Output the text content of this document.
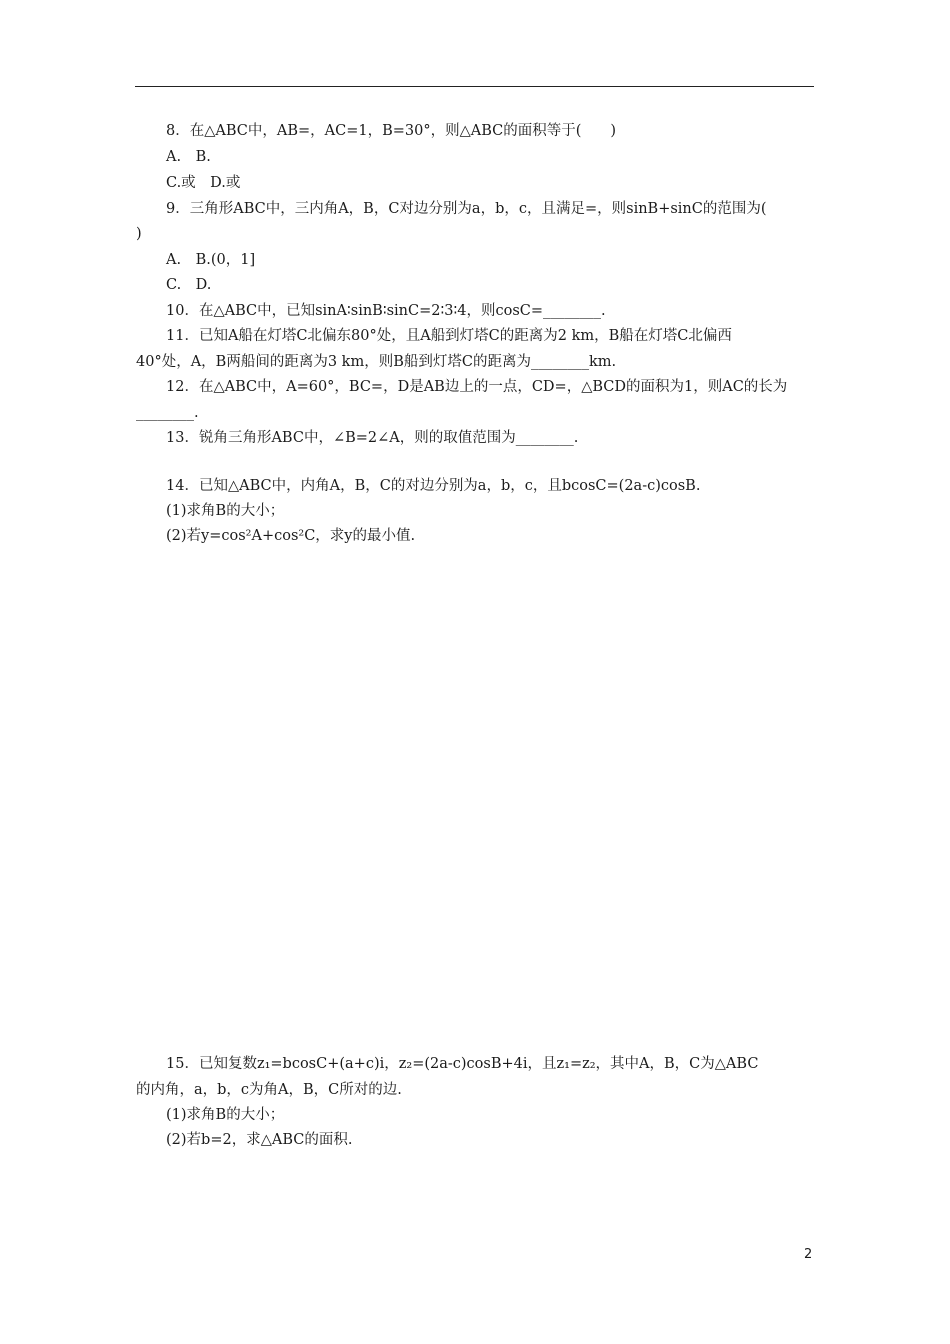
8．在△ABC中，AB=，AC=1，B=30°，则△ABC的面积等于(　　)
A.　B.
C.或　D.或
9．三角形ABC中，三内角A，B，C对边分别为a，b，c，且满足=，则sinB+sinC的范围为(
)
A.　B.(0，1]
C.　D.
10．在△ABC中，已知sinA∶sinB∶sinC=2∶3∶4，则cosC=________.
11．已知A船在灯塔C北偏东80°处，且A船到灯塔C的距离为2 km，B船在灯塔C北偏西
40°处，A，B两船间的距离为3 km，则B船到灯塔C的距离为________km.
12．在△ABC中，A=60°，BC=，D是AB边上的一点，CD=，△BCD的面积为1，则AC的长为
________.
13．锐角三角形ABC中，∠B=2∠A，则的取值范围为________.
14．已知△ABC中，内角A，B，C的对边分别为a，b，c，且bcosC=(2a-c)cosB.
(1)求角B的大小；
(2)若y=cos²A+cos²C，求y的最小值.
15．已知复数z₁=bcosC+(a+c)i，z₂=(2a-c)cosB+4i，且z₁=z₂，其中A，B，C为△ABC
的内角，a，b，c为角A，B，C所对的边.
(1)求角B的大小；
(2)若b=2，求△ABC的面积.
2
